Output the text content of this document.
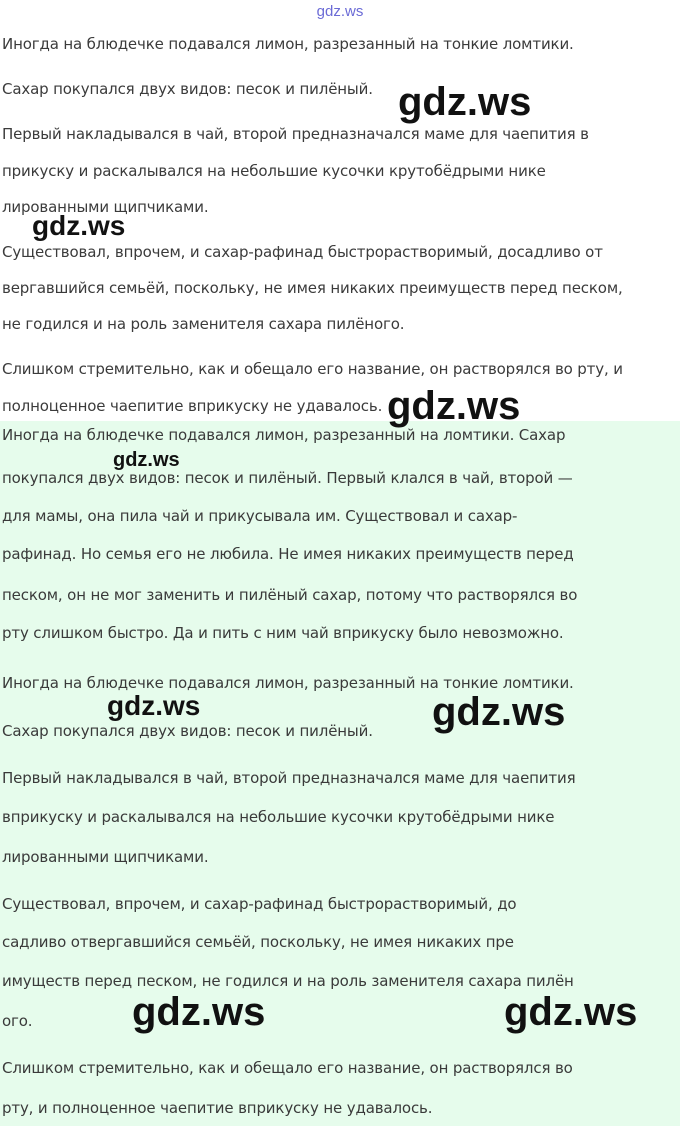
gdz.ws
Иногда на блюдечке подавался лимон, разрезанный на тонкие ломтики.
Сахар покупался двух видов: песок и пилёный.
Первый накладывался в чай, второй предназначался маме для чаепития в
прикуску и раскалывался на небольшие кусочки крутобёдрыми нике
лированными щипчиками.
Существовал, впрочем, и сахар-рафинад быстрорастворимый, досадливо от
вергавшийся семьёй, поскольку, не имея никаких преимуществ перед песком,
не годился и на роль заменителя сахара пилёного.
Слишком стремительно, как и обещало его название, он растворялся во рту, и
полноценное чаепитие вприкуску не удавалось.
Иногда на блюдечке подавался лимон, разрезанный на ломтики. Сахар
покупался двух видов: песок и пилёный. Первый клался в чай, второй —
для мамы, она пила чай и прикусывала им. Существовал и сахар-
рафинад. Но семья его не любила. Не имея никаких преимуществ перед
песком, он не мог заменить и пилёный сахар, потому что растворялся во
рту слишком быстро. Да и пить с ним чай вприкуску было невозможно.
Иногда на блюдечке подавался лимон, разрезанный на тонкие ломтики.
Сахар покупался двух видов: песок и пилёный.
Первый накладывался в чай, второй предназначался маме для чаепития
вприкуску и раскалывался на небольшие кусочки крутобёдрыми нике
лированными щипчиками.
Существовал, впрочем, и сахар-рафинад быстрорастворимый, до
садливо отвергавшийся семьёй, поскольку, не имея никаких пре
имуществ перед песком, не годился и на роль заменителя сахара пилён
ого.
Слишком стремительно, как и обещало его название, он растворялся во
рту, и полноценное чаепитие вприкуску не удавалось.
gdz.ws
gdz.ws
gdz.ws
gdz.ws
gdz.ws	gdz.ws
gdz.ws	gdz.ws
